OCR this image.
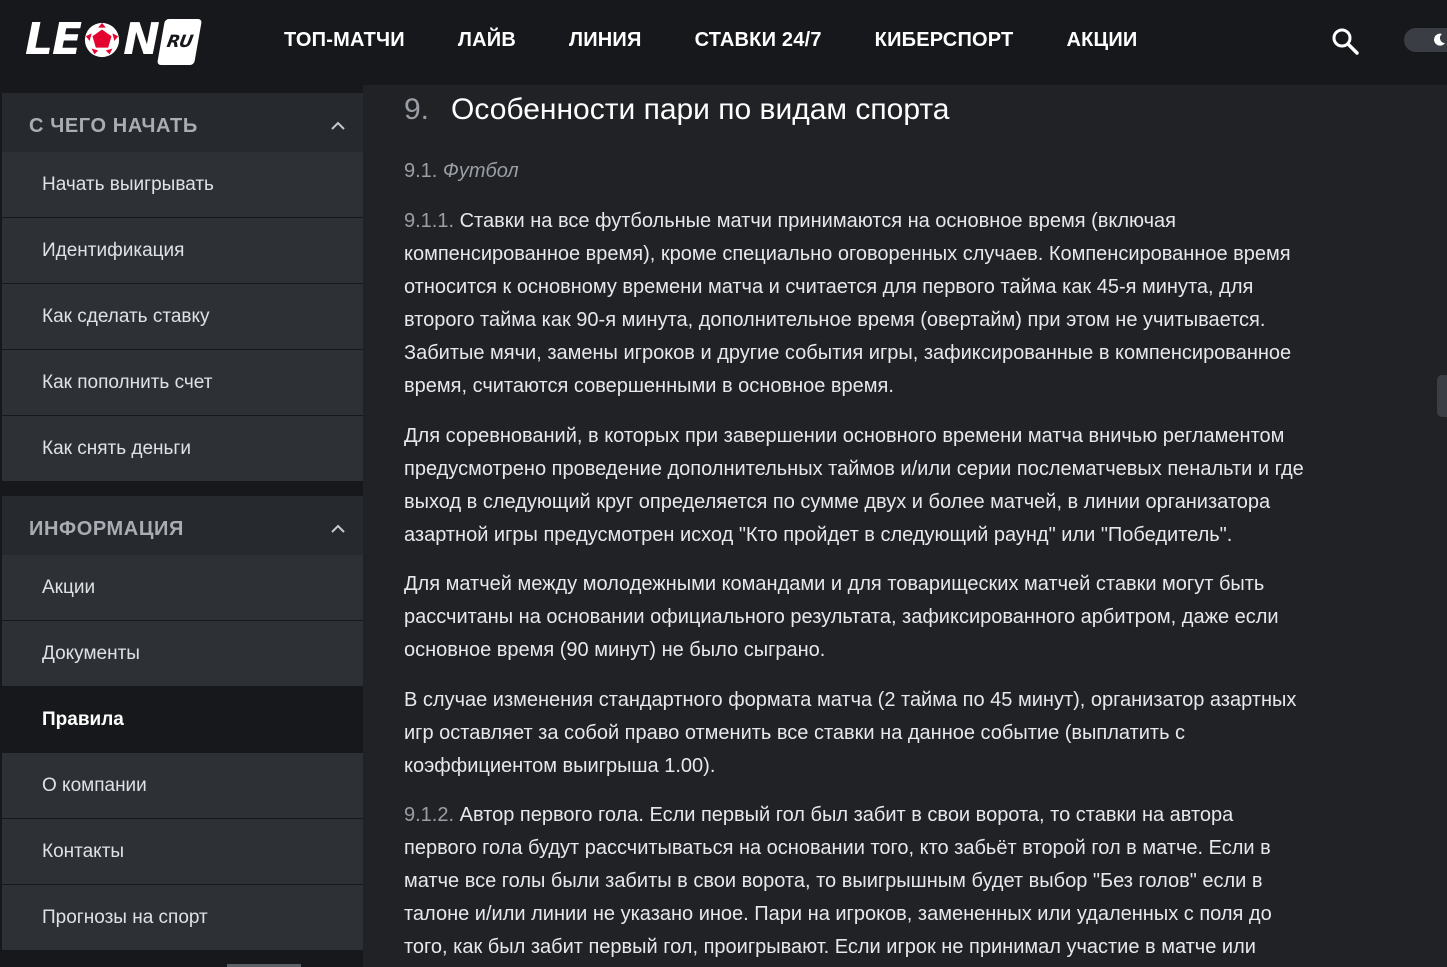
LE N RU	ТОП-МАТЧИ	ЛАЙВ	ЛИНИЯ	СТАВКИ 24/7	КИБЕРСПОРТ	АКЦИИ
С ЧЕГО НАЧАТЬ
Начать выигрывать
Идентификация
Как сделать ставку
Как пополнить счет
Как снять деньги
ИНФОРМАЦИЯ
Акции
Документы
Правила
О компании
Контакты
Прогнозы на спорт
9. Особенности пари по видам спорта
9.1. Футбол

9.1.1. Ставки на все футбольные матчи принимаются на основное время (включая
компенсированное время), кроме специально оговоренных случаев. Компенсированное время
относится к основному времени матча и считается для первого тайма как 45-я минута, для
второго тайма как 90-я минута, дополнительное время (овертайм) при этом не учитывается.
Забитые мячи, замены игроков и другие события игры, зафиксированные в компенсированное
время, считаются совершенными в основное время.

Для соревнований, в которых при завершении основного времени матча вничью регламентом
предусмотрено проведение дополнительных таймов и/или серии послематчевых пенальти и где
выход в следующий круг определяется по сумме двух и более матчей, в линии организатора
азартной игры предусмотрен исход "Кто пройдет в следующий раунд" или "Победитель".

Для матчей между молодежными командами и для товарищеских матчей ставки могут быть
рассчитаны на основании официального результата, зафиксированного арбитром, даже если
основное время (90 минут) не было сыграно.

В случае изменения стандартного формата матча (2 тайма по 45 минут), организатор азартных
игр оставляет за собой право отменить все ставки на данное событие (выплатить с
коэффициентом выигрыша 1.00).

9.1.2. Автор первого гола. Если первый гол был забит в свои ворота, то ставки на автора
первого гола будут рассчитываться на основании того, кто забьёт второй гол в матче. Если в
матче все голы были забиты в свои ворота, то выигрышным будет выбор "Без голов" если в
талоне и/или линии не указано иное. Пари на игроков, замененных или удаленных с поля до
того, как был забит первый гол, проигрывают. Если игрок не принимал участие в матче или
